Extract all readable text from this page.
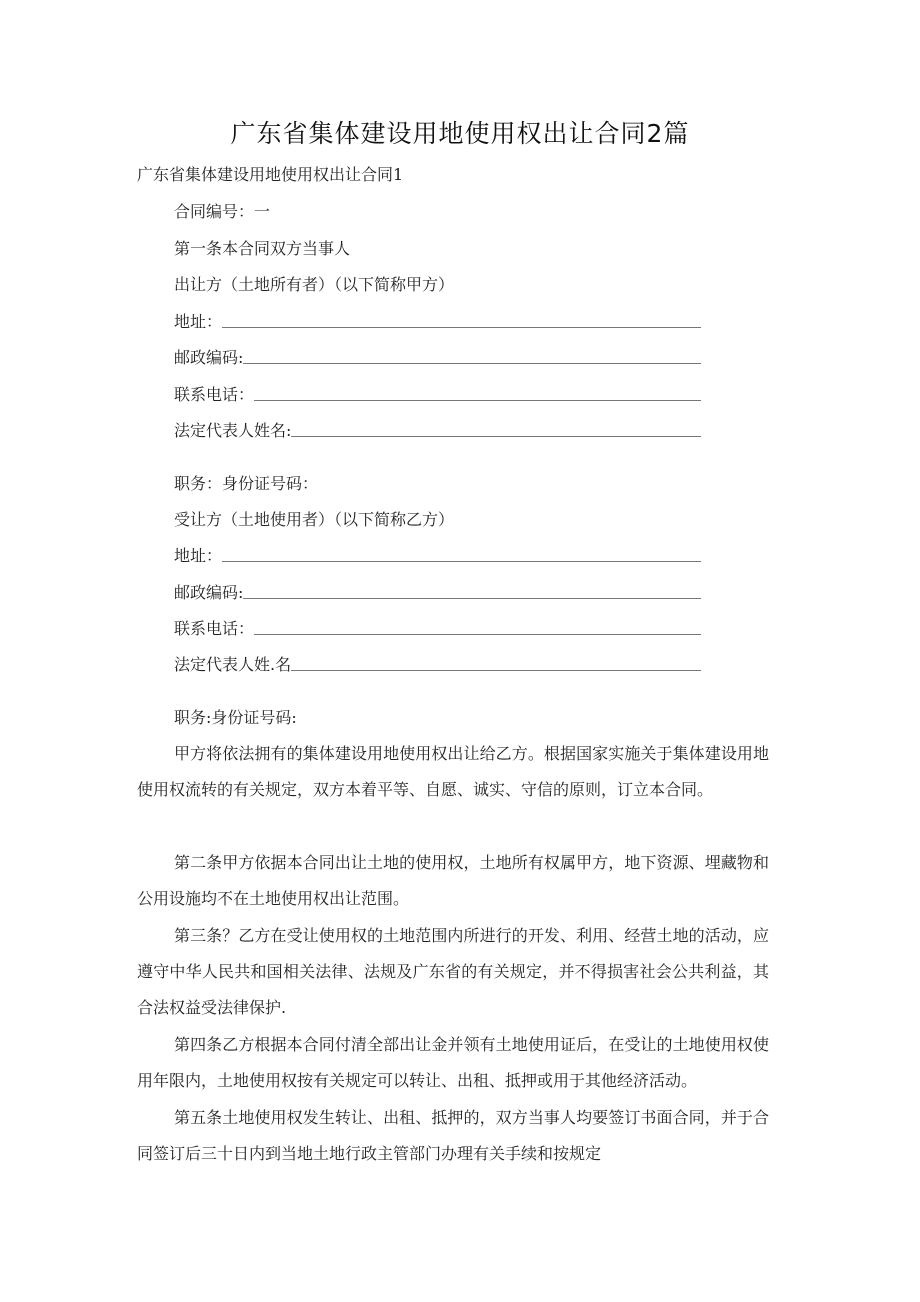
广东省集体建设用地使用权出让合同2篇
广东省集体建设用地使用权出让合同1
合同编号：一
第一条本合同双方当事人
出让方（土地所有者）（以下简称甲方）
地址：
邮政编码:
联系电话：
法定代表人姓名:
职务：身份证号码：
受让方（土地使用者）（以下简称乙方）
地址：
邮政编码:
联系电话：
法定代表人姓.名
职务:身份证号码:
甲方将依法拥有的集体建设用地使用权出让给乙方。根据国家实施关于集体建设用地使用权流转的有关规定，双方本着平等、自愿、诚实、守信的原则，订立本合同。
第二条甲方依据本合同出让土地的使用权，土地所有权属甲方，地下资源、埋藏物和公用设施均不在土地使用权出让范围。
第三条？乙方在受让使用权的土地范围内所进行的开发、利用、经营土地的活动，应遵守中华人民共和国相关法律、法规及广东省的有关规定，并不得损害社会公共利益，其合法权益受法律保护.
第四条乙方根据本合同付清全部出让金并领有土地使用证后，在受让的土地使用权使用年限内，土地使用权按有关规定可以转让、出租、抵押或用于其他经济活动。
第五条土地使用权发生转让、出租、抵押的，双方当事人均要签订书面合同，并于合同签订后三十日内到当地土地行政主管部门办理有关手续和按规定
